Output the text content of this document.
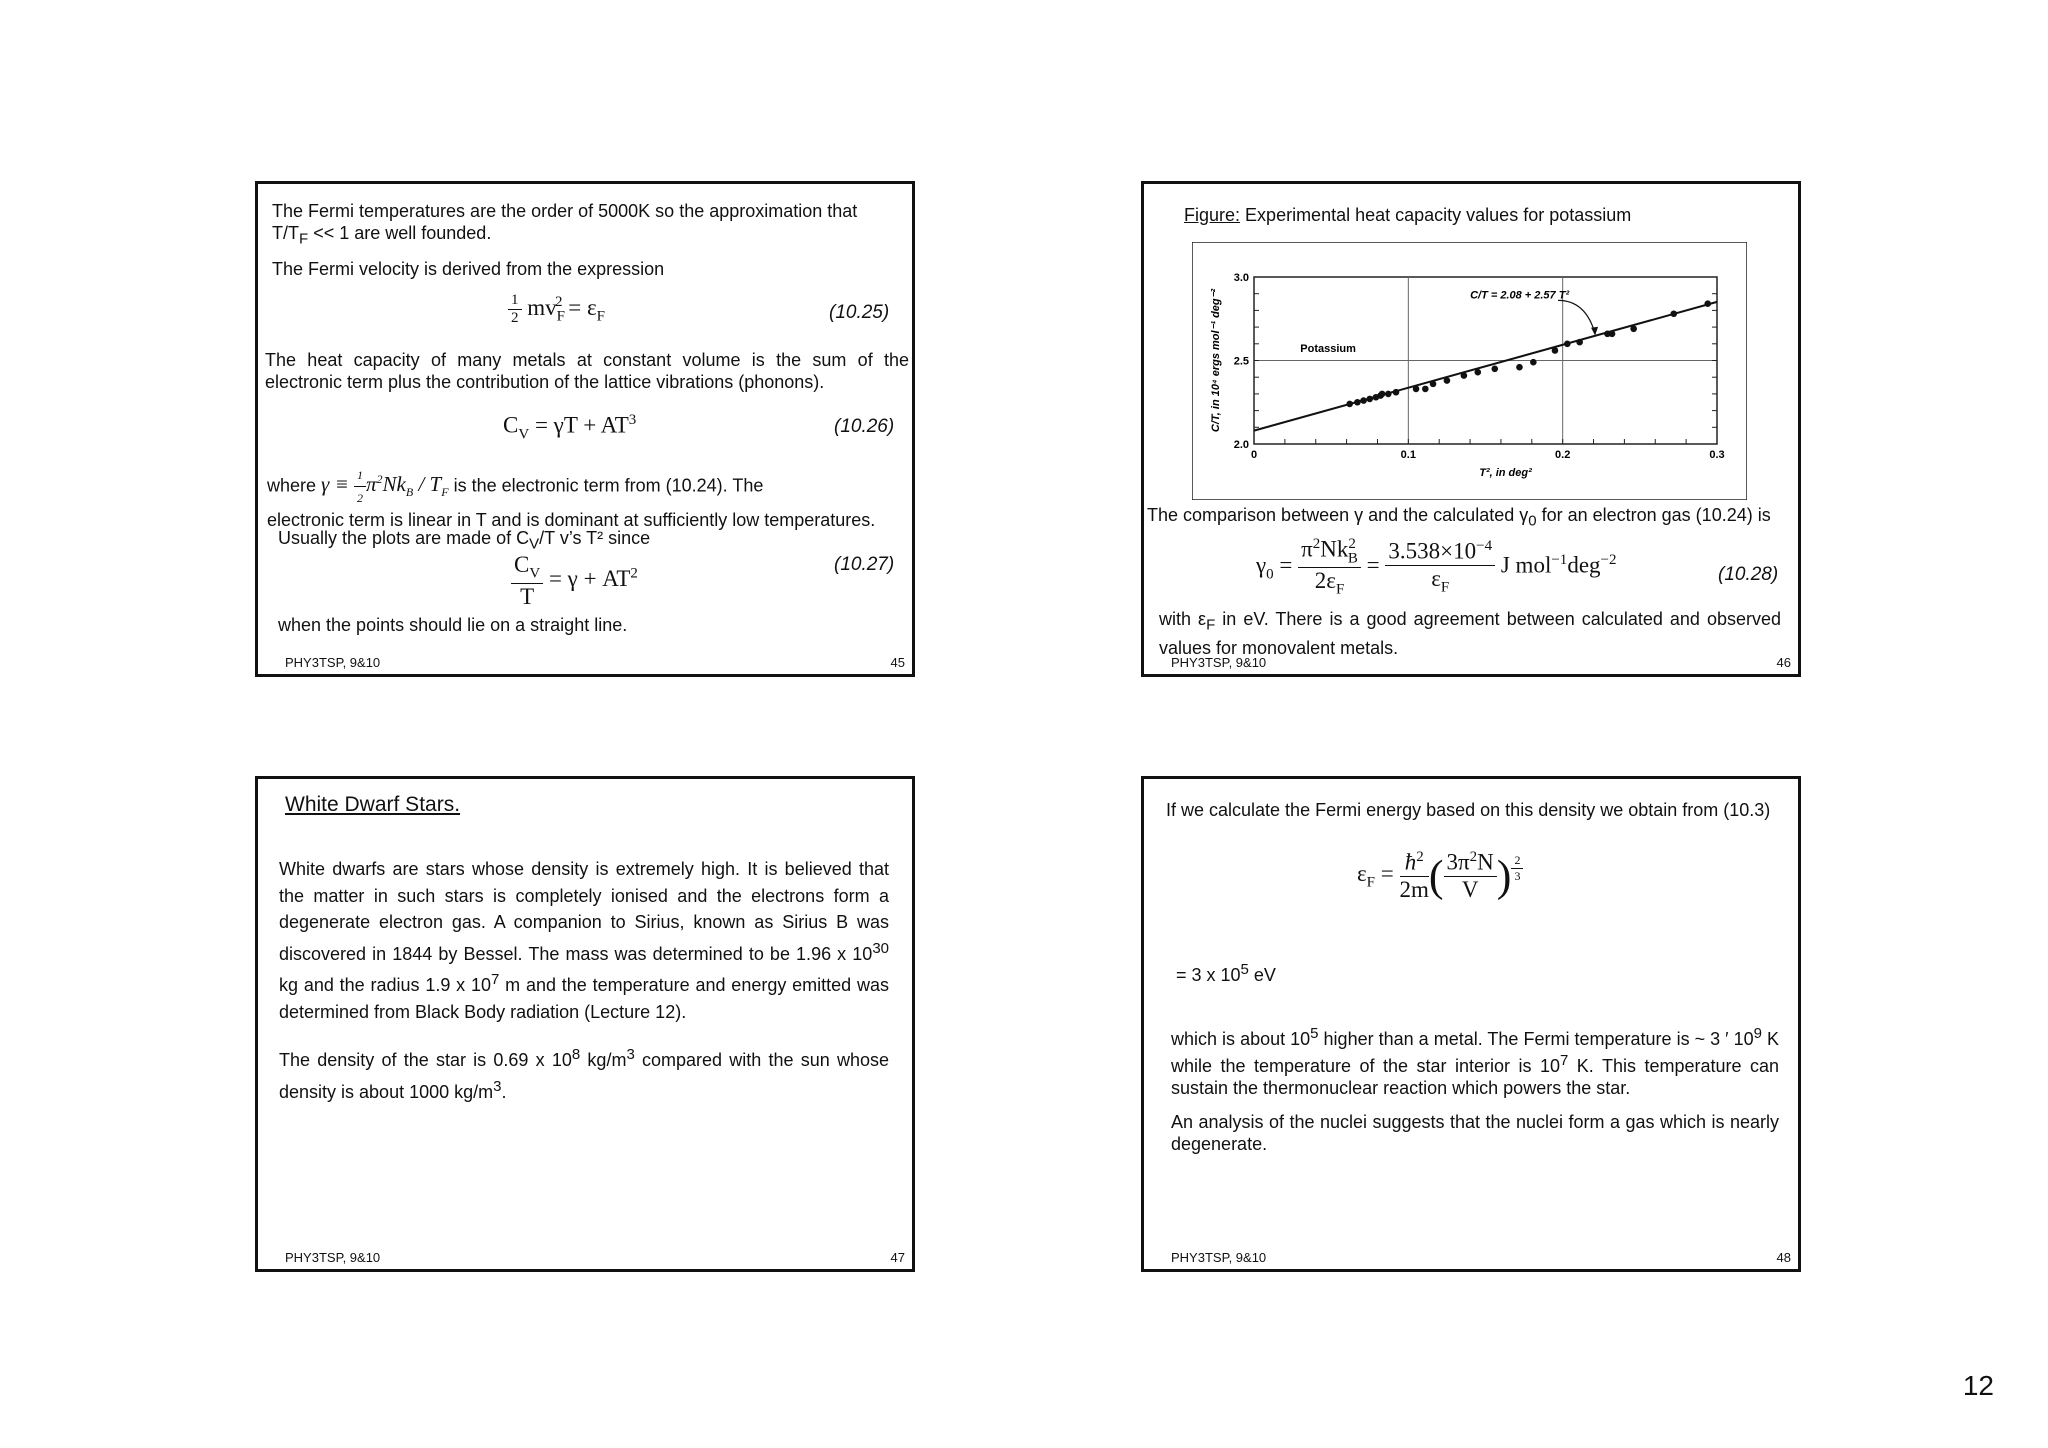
The Fermi temperatures are the order of 5000K so the approximation that
$T/T_F << 1$ are well founded.
The Fermi velocity is derived from the expression
$\frac{1}{2} mv_F^2 = \varepsilon_F$	(10.25)
The heat capacity of many metals at constant volume is the sum of the electronic term plus the contribution of the lattice vibrations (phonons).
$C_V = \gamma T + AT^3$	(10.26)
where $\gamma \equiv \frac{1}{2} \pi^2Nk_B / T_F$ is the electronic term from (10.24). The
electronic term is linear in T and is dominant at sufficiently low temperatures.
Usually the plots are made of $C_V/T$ v’s T² since
$\frac{C_V}{T} = \gamma + AT^2$	(10.27)
when the points should lie on a straight line.
PHY3TSP, 9&10	45
Figure: Experimental heat capacity values for potassium
0	0.1	0.2	0.3
2.0
2.5
3.0
T², in deg²
C/T, in 10⁴ ergs mol⁻¹ deg⁻²	Potassium
C/T = 2.08 + 2.57 T²
The comparison between γ and the calculated $\gamma_0$ for an electron gas (10.24) is
$\gamma_0 = \frac{\pi^2Nk^2_B}{2\varepsilon_F} = \frac{3.538\times 10^{-4}}{\varepsilon_F}$ J mol$^{-1}$deg$^{-2}$
(10.28)
with $\varepsilon_F$ in eV. There is a good agreement between calculated and observed values for monovalent metals.
PHY3TSP, 9&10	46
White Dwarf Stars.
White dwarfs are stars whose density is extremely high. It is believed that the matter in such stars is completely ionised and the electrons form a degenerate electron gas. A companion to Sirius, known as Sirius B was discovered in 1844 by Bessel. The mass was determined to be 1.96 x $10^{30}$ kg and the radius 1.9 x $10^7$ m and the temperature and energy emitted was determined from Black Body radiation (Lecture 12).
The density of the star is 0.69 x $10^8$ $kg/m^3$ compared with the sun whose density is about 1000 $kg/m^3$.
PHY3TSP, 9&10	47
If we calculate the Fermi energy based on this density we obtain from (10.3)
$\varepsilon_F = \frac{ħ^2}{2m}$ ( $\frac{3\pi^2N}{V}$ ) $^{\frac{2}{3}}$
= 3 x $10^5$ eV
which is about $10^5$ higher than a metal. The Fermi temperature is ~ 3 ′ $10^9$ K while the temperature of the star interior is $10^7$ K. This temperature can sustain the thermonuclear reaction which powers the star.
An analysis of the nuclei suggests that the nuclei form a gas which is nearly degenerate.
PHY3TSP, 9&10	48
12
